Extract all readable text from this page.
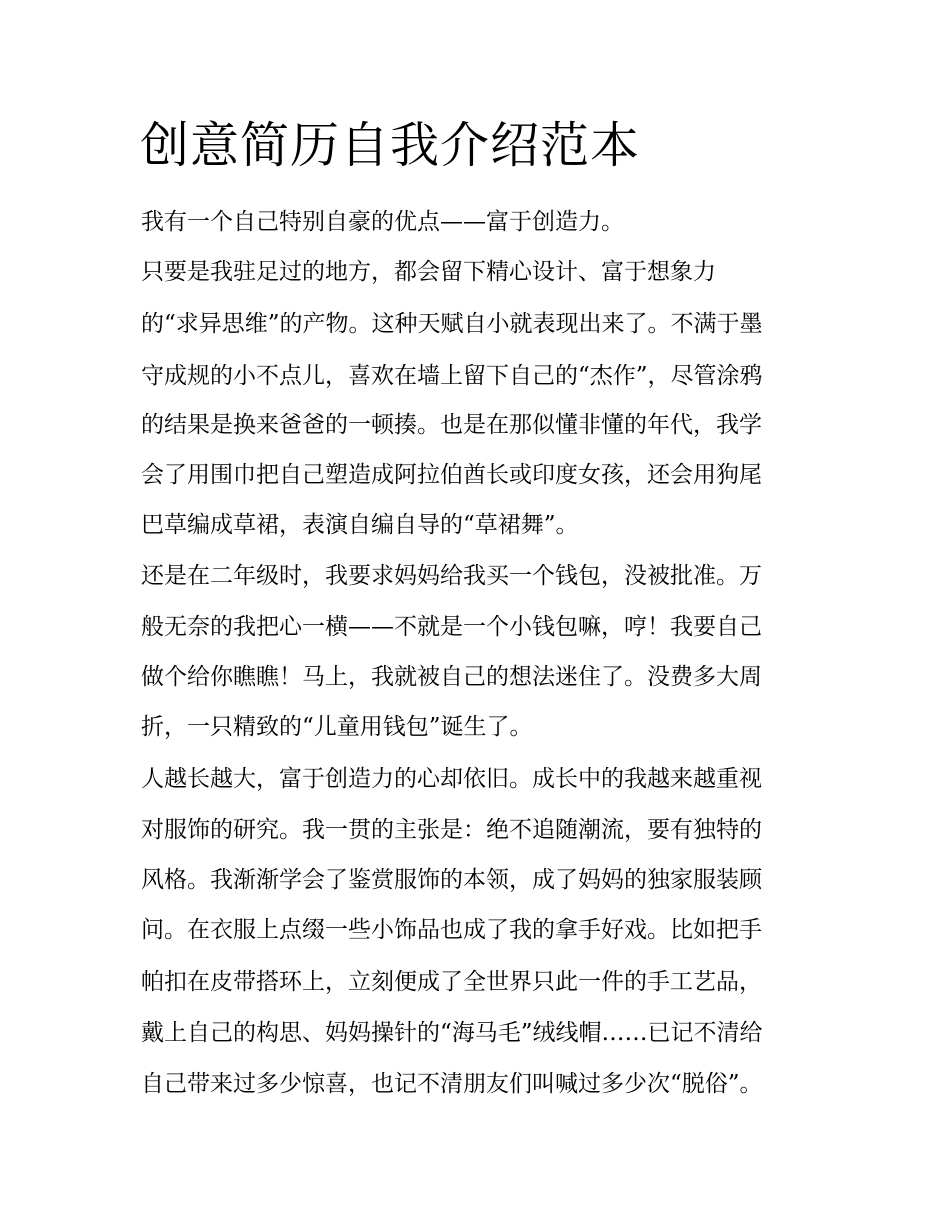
创意简历自我介绍范本

我有一个自己特别自豪的优点——富于创造力。

只要是我驻足过的地方，都会留下精心设计、富于想象力

的“求异思维”的产物。这种天赋自小就表现出来了。不满于墨

守成规的小不点儿，喜欢在墙上留下自己的“杰作”，尽管涂鸦

的结果是换来爸爸的一顿揍。也是在那似懂非懂的年代，我学

会了用围巾把自己塑造成阿拉伯酋长或印度女孩，还会用狗尾

巴草编成草裙，表演自编自导的“草裙舞”。

还是在二年级时，我要求妈妈给我买一个钱包，没被批准。万

般无奈的我把心一横——不就是一个小钱包嘛，哼！我要自己

做个给你瞧瞧！马上，我就被自己的想法迷住了。没费多大周

折，一只精致的“儿童用钱包”诞生了。

人越长越大，富于创造力的心却依旧。成长中的我越来越重视

对服饰的研究。我一贯的主张是：绝不追随潮流，要有独特的

风格。我渐渐学会了鉴赏服饰的本领，成了妈妈的独家服装顾

问。在衣服上点缀一些小饰品也成了我的拿手好戏。比如把手

帕扣在皮带搭环上，立刻便成了全世界只此一件的手工艺品，

戴上自己的构思、妈妈操针的“海马毛”绒线帽……已记不清给

自己带来过多少惊喜，也记不清朋友们叫喊过多少次“脱俗”。
